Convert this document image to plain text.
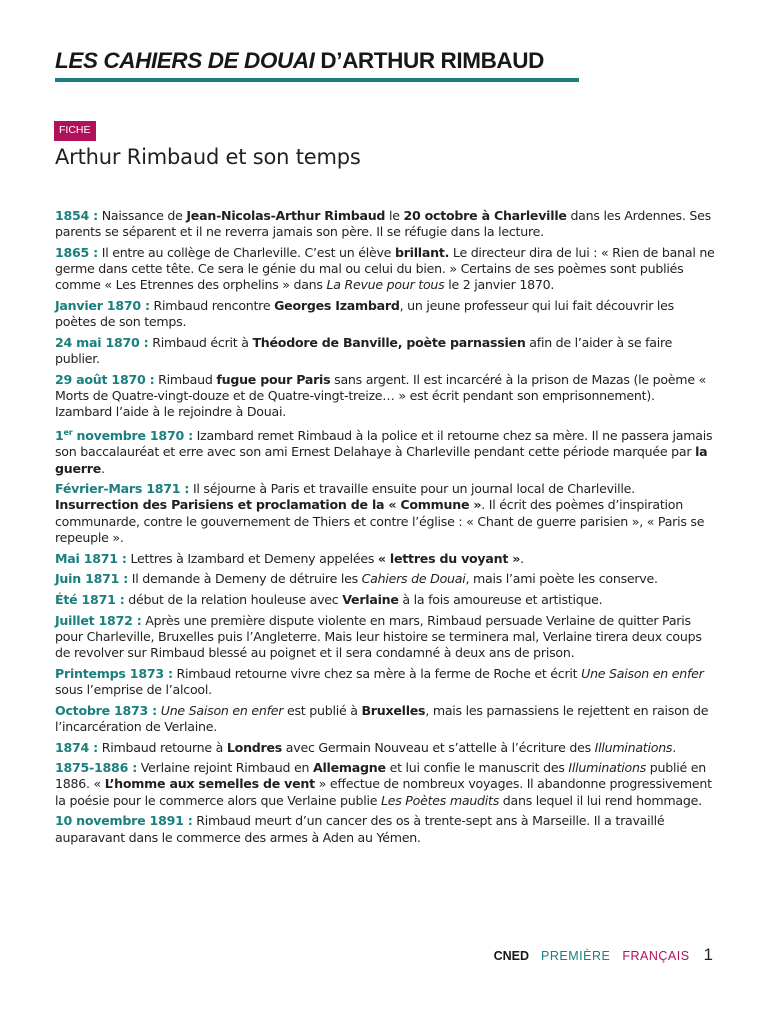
LES CAHIERS DE DOUAI D’ARTHUR RIMBAUD
FICHE
Arthur Rimbaud et son temps

1854 : Naissance de Jean-Nicolas-Arthur Rimbaud le 20 octobre à Charleville dans les Ardennes. Ses parents se séparent et il ne reverra jamais son père. Il se réfugie dans la lecture.

1865 : Il entre au collège de Charleville. C’est un élève brillant. Le directeur dira de lui : « Rien de banal ne germe dans cette tête. Ce sera le génie du mal ou celui du bien. » Certains de ses poèmes sont publiés comme « Les Etrennes des orphelins » dans La Revue pour tous le 2 janvier 1870.

Janvier 1870 : Rimbaud rencontre Georges Izambard, un jeune professeur qui lui fait découvrir les poètes de son temps.

24 mai 1870 : Rimbaud écrit à Théodore de Banville, poète parnassien afin de l’aider à se faire publier.

29 août 1870 : Rimbaud fugue pour Paris sans argent. Il est incarcéré à la prison de Mazas (le poème « Morts de Quatre-vingt-douze et de Quatre-vingt-treize… » est écrit pendant son emprisonnement). Izambard l’aide à le rejoindre à Douai.

1er novembre 1870 : Izambard remet Rimbaud à la police et il retourne chez sa mère. Il ne passera jamais son baccalauréat et erre avec son ami Ernest Delahaye à Charleville pendant cette période marquée par la guerre.

Février-Mars 1871 : Il séjourne à Paris et travaille ensuite pour un journal local de Charleville. Insurrection des Parisiens et proclamation de la « Commune ». Il écrit des poèmes d’inspiration communarde, contre le gouvernement de Thiers et contre l’église : « Chant de guerre parisien », « Paris se repeuple ».

Mai 1871 : Lettres à Izambard et Demeny appelées « lettres du voyant ».

Juin 1871 : Il demande à Demeny de détruire les Cahiers de Douai, mais l’ami poète les conserve.

Été 1871 : début de la relation houleuse avec Verlaine à la fois amoureuse et artistique.

Juillet 1872 : Après une première dispute violente en mars, Rimbaud persuade Verlaine de quitter Paris pour Charleville, Bruxelles puis l’Angleterre. Mais leur histoire se terminera mal, Verlaine tirera deux coups de revolver sur Rimbaud blessé au poignet et il sera condamné à deux ans de prison.

Printemps 1873 : Rimbaud retourne vivre chez sa mère à la ferme de Roche et écrit Une Saison en enfer sous l’emprise de l’alcool.

Octobre 1873 : Une Saison en enfer est publié à Bruxelles, mais les parnassiens le rejettent en raison de l’incarcération de Verlaine.

1874 : Rimbaud retourne à Londres avec Germain Nouveau et s’attelle à l’écriture des Illuminations.

1875-1886 : Verlaine rejoint Rimbaud en Allemagne et lui confie le manuscrit des Illuminations publié en 1886. « L’homme aux semelles de vent » effectue de nombreux voyages. Il abandonne progressivement la poésie pour le commerce alors que Verlaine publie Les Poètes maudits dans lequel il lui rend hommage.

10 novembre 1891 : Rimbaud meurt d’un cancer des os à trente-sept ans à Marseille. Il a travaillé auparavant dans le commerce des armes à Aden au Yémen.

CNED PREMIÈRE FRANÇAIS 1
